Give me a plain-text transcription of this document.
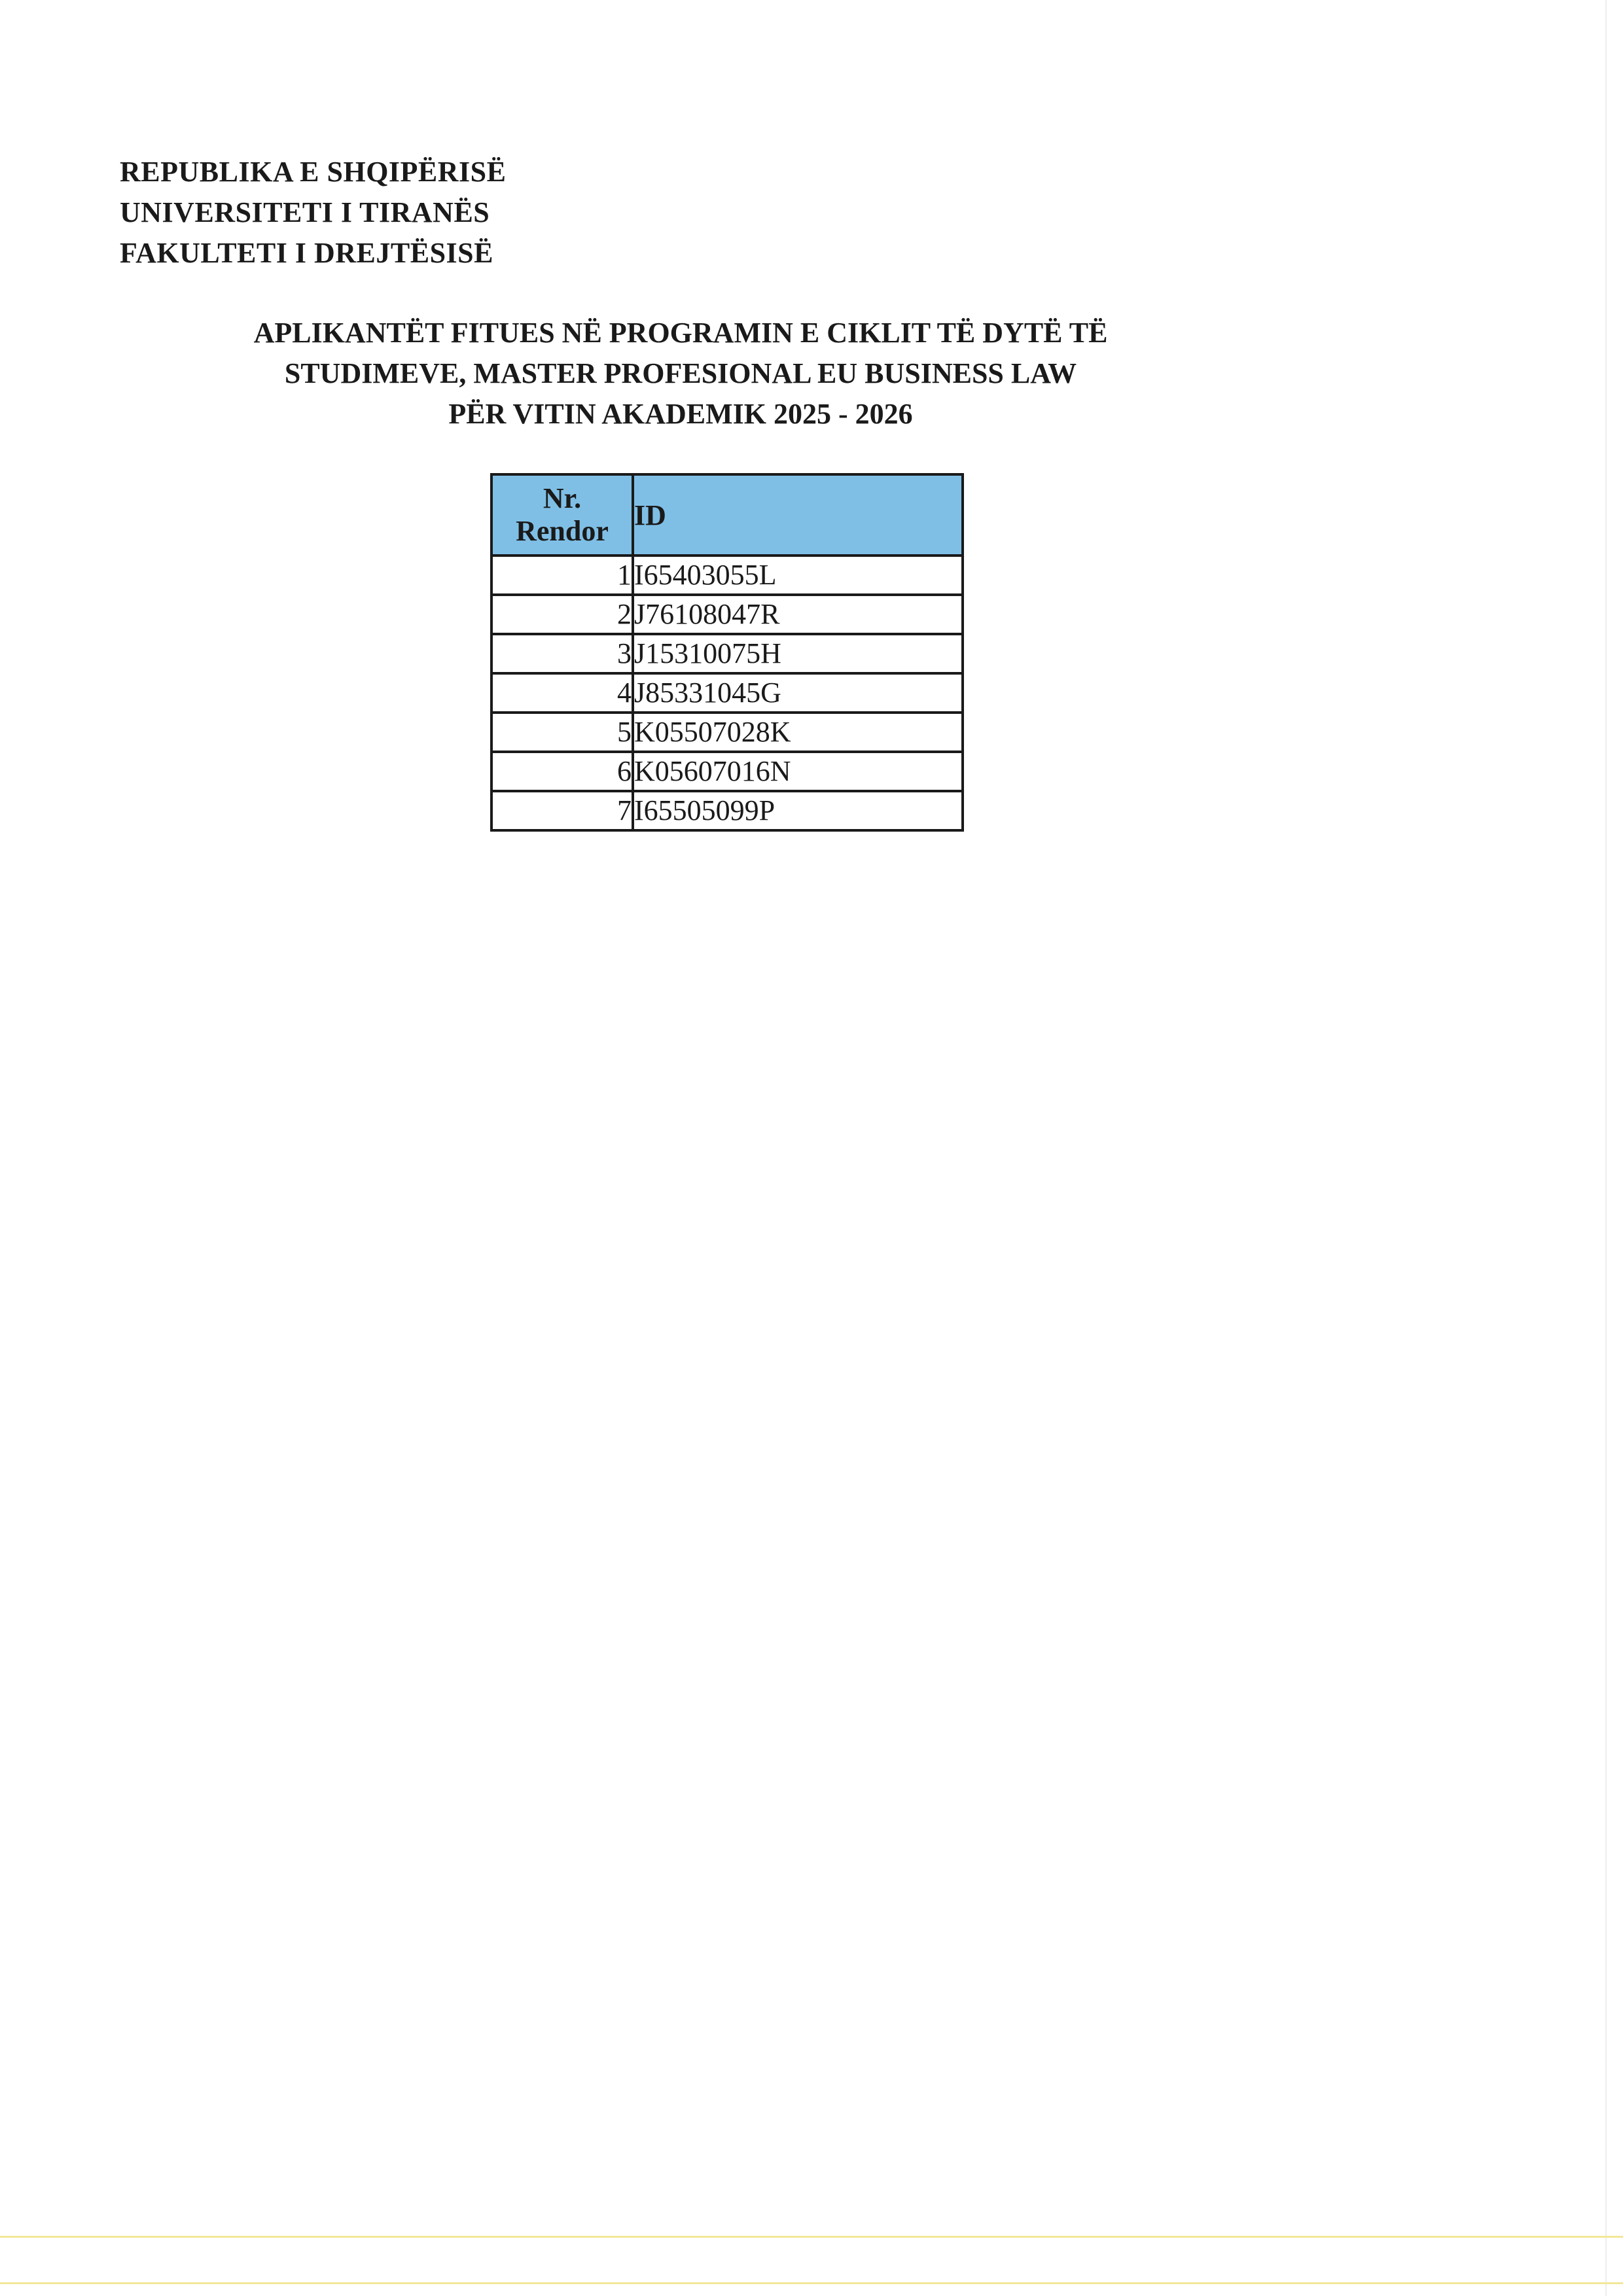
REPUBLIKA E SHQIPËRISË
UNIVERSITETI I TIRANËS
FAKULTETI I DREJTËSISË
APLIKANTËT FITUES NË PROGRAMIN E CIKLIT TË DYTË TË
STUDIMEVE, MASTER PROFESIONAL EU BUSINESS LAW
PËR VITIN AKADEMIK 2025 - 2026
Nr.
Rendor	ID
1	I65403055L
2	J76108047R
3	J15310075H
4	J85331045G
5	K05507028K
6	K05607016N
7	I65505099P
